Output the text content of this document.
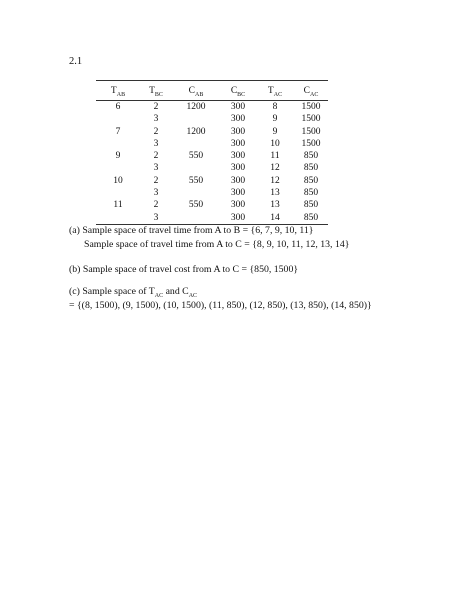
2.1
$T_{AB}$	$T_{BC}$	$C_{AB}$	$C_{BC}$	$T_{AC}$	$C_{AC}$
6	2	1200	300	8	1500
	3		300	9	1500
7	2	1200	300	9	1500
	3		300	10	1500
9	2	550	300	11	850
	3		300	12	850
10	2	550	300	12	850
	3		300	13	850
11	2	550	300	13	850
	3		300	14	850
(a) Sample space of travel time from A to B = {6, 7, 9, 10, 11}
Sample space of travel time from A to C = {8, 9, 10, 11, 12, 13, 14}
(b) Sample space of travel cost from A to C = {850, 1500}
(c) Sample space of $T_{AC}$ and $C_{AC}$
= {(8, 1500), (9, 1500), (10, 1500), (11, 850), (12, 850), (13, 850), (14, 850)}
